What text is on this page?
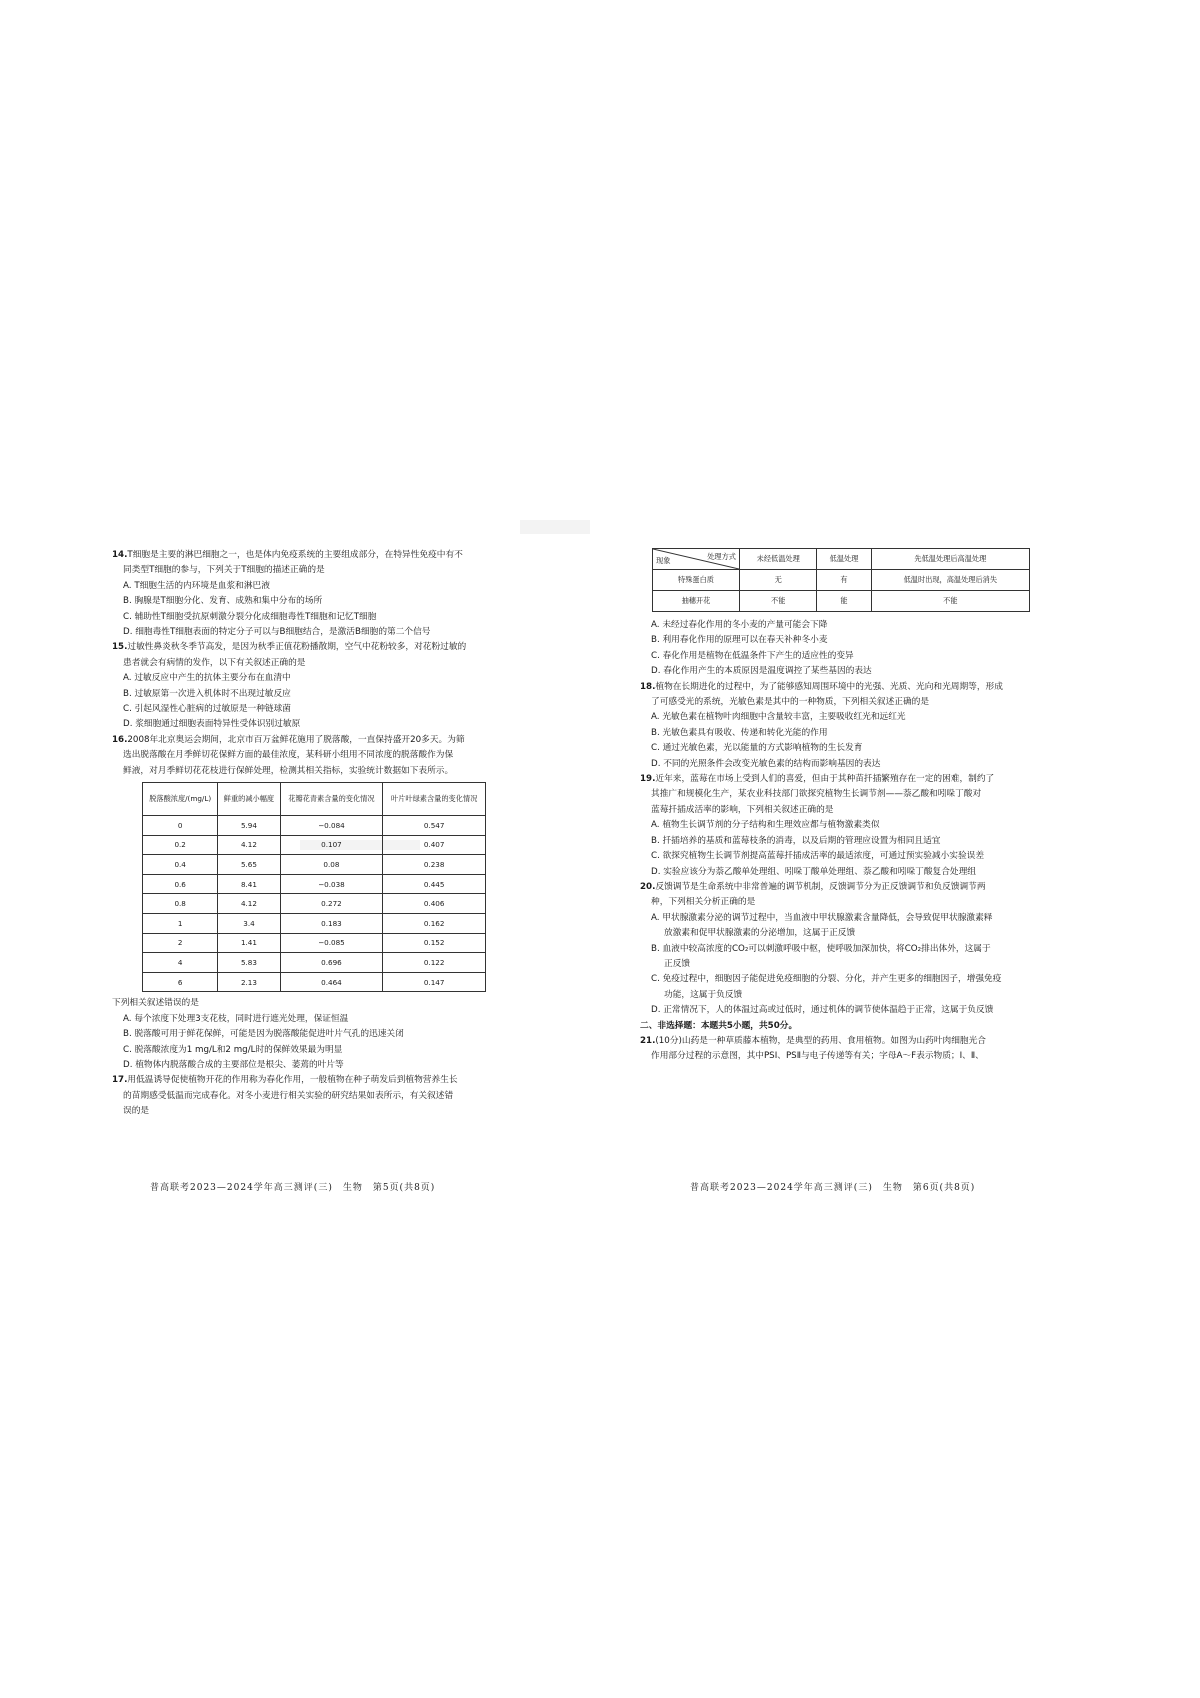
14.T细胞是主要的淋巴细胞之一，也是体内免疫系统的主要组成部分，在特异性免疫中有不
同类型T细胞的参与，下列关于T细胞的描述正确的是
A. T细胞生活的内环境是血浆和淋巴液
B. 胸腺是T细胞分化、发育、成熟和集中分布的场所
C. 辅助性T细胞受抗原刺激分裂分化成细胞毒性T细胞和记忆T细胞
D. 细胞毒性T细胞表面的特定分子可以与B细胞结合，是激活B细胞的第二个信号
15.过敏性鼻炎秋冬季节高发，是因为秋季正值花粉播散期，空气中花粉较多，对花粉过敏的
患者就会有病情的发作，以下有关叙述正确的是
A. 过敏反应中产生的抗体主要分布在血清中
B. 过敏原第一次进入机体时不出现过敏反应
C. 引起风湿性心脏病的过敏原是一种链球菌
D. 浆细胞通过细胞表面特异性受体识别过敏原
16.2008年北京奥运会期间，北京市百万盆鲜花施用了脱落酸，一直保持盛开20多天。为筛
选出脱落酸在月季鲜切花保鲜方面的最佳浓度，某科研小组用不同浓度的脱落酸作为保
鲜液，对月季鲜切花花枝进行保鲜处理，检测其相关指标，实验统计数据如下表所示。
脱落酸浓度/(mg/L)	鲜重的减小幅度	花瓣花青素含量的变化情况	叶片叶绿素含量的变化情况
0	5.94	−0.084	0.547
0.2	4.12	0.107	0.407
0.4	5.65	0.08	0.238
0.6	8.41	−0.038	0.445
0.8	4.12	0.272	0.406
1	3.4	0.183	0.162
2	1.41	−0.085	0.152
4	5.83	0.696	0.122
6	2.13	0.464	0.147
下列相关叙述错误的是
A. 每个浓度下处理3支花枝，同时进行遮光处理，保证恒温
B. 脱落酸可用于鲜花保鲜，可能是因为脱落酸能促进叶片气孔的迅速关闭
C. 脱落酸浓度为1 mg/L和2 mg/L时的保鲜效果最为明显
D. 植物体内脱落酸合成的主要部位是根尖、萎蔫的叶片等
17.用低温诱导促使植物开花的作用称为春化作用，一般植物在种子萌发后到植物营养生长
的苗期感受低温而完成春化。对冬小麦进行相关实验的研究结果如表所示，有关叙述错
误的是
处理方式
现象	未经低温处理	低温处理	先低温处理后高温处理
特殊蛋白质	无	有	低温时出现，高温处理后消失
抽穗开花	不能	能	不能
A. 未经过春化作用的冬小麦的产量可能会下降
B. 利用春化作用的原理可以在春天补种冬小麦
C. 春化作用是植物在低温条件下产生的适应性的变异
D. 春化作用产生的本质原因是温度调控了某些基因的表达
18.植物在长期进化的过程中，为了能够感知周围环境中的光强、光质、光向和光周期等，形成
了可感受光的系统，光敏色素是其中的一种物质，下列相关叙述正确的是
A. 光敏色素在植物叶肉细胞中含量较丰富，主要吸收红光和远红光
B. 光敏色素具有吸收、传递和转化光能的作用
C. 通过光敏色素，光以能量的方式影响植物的生长发育
D. 不同的光照条件会改变光敏色素的结构而影响基因的表达
19.近年来，蓝莓在市场上受到人们的喜爱，但由于其种苗扦插繁殖存在一定的困难，制约了
其推广和规模化生产，某农业科技部门欲探究植物生长调节剂——萘乙酸和吲哚丁酸对
蓝莓扦插成活率的影响，下列相关叙述正确的是
A. 植物生长调节剂的分子结构和生理效应都与植物激素类似
B. 扦插培养的基质和蓝莓枝条的消毒，以及后期的管理应设置为相同且适宜
C. 欲探究植物生长调节剂提高蓝莓扦插成活率的最适浓度，可通过预实验减小实验误差
D. 实验应该分为萘乙酸单处理组、吲哚丁酸单处理组、萘乙酸和吲哚丁酸复合处理组
20.反馈调节是生命系统中非常普遍的调节机制，反馈调节分为正反馈调节和负反馈调节两
种，下列相关分析正确的是
A. 甲状腺激素分泌的调节过程中，当血液中甲状腺激素含量降低，会导致促甲状腺激素释
放激素和促甲状腺激素的分泌增加，这属于正反馈
B. 血液中较高浓度的CO₂可以刺激呼吸中枢，使呼吸加深加快，将CO₂排出体外，这属于
正反馈
C. 免疫过程中，细胞因子能促进免疫细胞的分裂、分化，并产生更多的细胞因子，增强免疫
功能，这属于负反馈
D. 正常情况下，人的体温过高或过低时，通过机体的调节使体温趋于正常，这属于负反馈
二、非选择题：本题共5小题，共50分。
21.(10分)山药是一种草质藤本植物，是典型的药用、食用植物。如图为山药叶肉细胞光合
作用部分过程的示意图，其中PSⅠ、PSⅡ与电子传递等有关；字母A～F表示物质；Ⅰ、Ⅱ、
普高联考2023—2024学年高三测评(三)　生物　第5页(共8页)	普高联考2023—2024学年高三测评(三)　生物　第6页(共8页)
